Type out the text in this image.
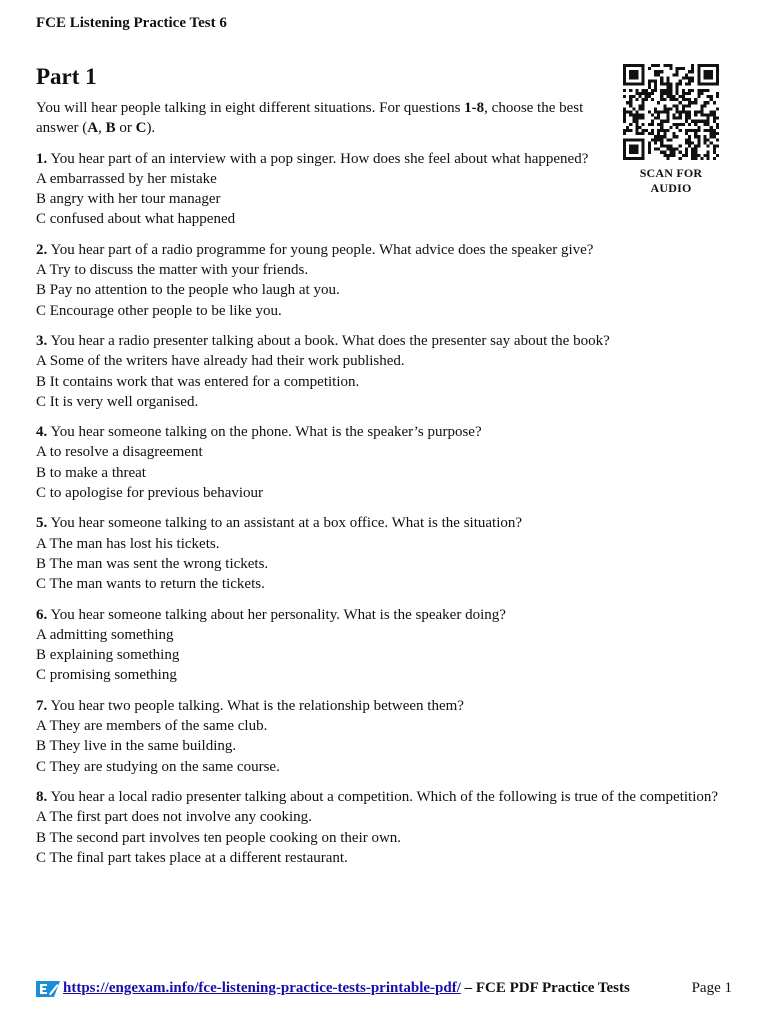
FCE Listening Practice Test 6
Part 1
SCAN FOR AUDIO

You will hear people talking in eight different situations. For questions 1-8, choose the best answer (A, B or C).

1. You hear part of an interview with a pop singer. How does she feel about what happened?

A embarrassed by her mistake

B angry with her tour manager

C confused about what happened

2. You hear part of a radio programme for young people. What advice does the speaker give?

A Try to discuss the matter with your friends.

B Pay no attention to the people who laugh at you.

C Encourage other people to be like you.

3. You hear a radio presenter talking about a book. What does the presenter say about the book?

A Some of the writers have already had their work published.

B It contains work that was entered for a competition.

C It is very well organised.

4. You hear someone talking on the phone. What is the speaker’s purpose?

A to resolve a disagreement

B to make a threat

C to apologise for previous behaviour

5. You hear someone talking to an assistant at a box office. What is the situation?

A The man has lost his tickets.

B The man was sent the wrong tickets.

C The man wants to return the tickets.

6. You hear someone talking about her personality. What is the speaker doing?

A admitting something

B explaining something

C promising something

7. You hear two people talking. What is the relationship between them?

A They are members of the same club.

B They live in the same building.

C They are studying on the same course.

8. You hear a local radio presenter talking about a competition. Which of the following is true of the competition?

A The first part does not involve any cooking.

B The second part involves ten people cooking on their own.

C The final part takes place at a different restaurant.

https://engexam.info/fce-listening-practice-tests-printable-pdf/ – FCE PDF Practice Tests	Page 1
